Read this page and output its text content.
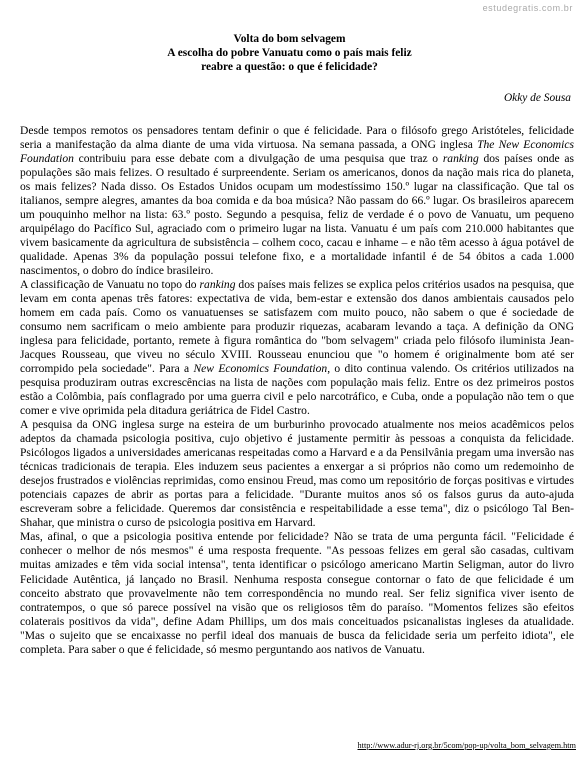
estudegratis.com.br
Volta do bom selvagem
A escolha do pobre Vanuatu como o país mais feliz
reabre a questão: o que é felicidade?
Okky de Sousa

Desde tempos remotos os pensadores tentam definir o que é felicidade. Para o filósofo grego Aristóteles, felicidade seria a manifestação da alma diante de uma vida virtuosa. Na semana passada, a ONG inglesa The New Economics Foundation contribuiu para esse debate com a divulgação de uma pesquisa que traz o ranking dos países onde as populações são mais felizes. O resultado é surpreendente. Seriam os americanos, donos da nação mais rica do planeta, os mais felizes? Nada disso. Os Estados Unidos ocupam um modestíssimo 150.º lugar na classificação. Que tal os italianos, sempre alegres, amantes da boa comida e da boa música? Não passam do 66.º lugar. Os brasileiros aparecem um pouquinho melhor na lista: 63.º posto. Segundo a pesquisa, feliz de verdade é o povo de Vanuatu, um pequeno arquipélago do Pacífico Sul, agraciado com o primeiro lugar na lista. Vanuatu é um país com 210.000 habitantes que vivem basicamente da agricultura de subsistência – colhem coco, cacau e inhame – e não têm acesso à água potável de qualidade. Apenas 3% da população possui telefone fixo, e a mortalidade infantil é de 54 óbitos a cada 1.000 nascimentos, o dobro do índice brasileiro.

A classificação de Vanuatu no topo do ranking dos países mais felizes se explica pelos critérios usados na pesquisa, que levam em conta apenas três fatores: expectativa de vida, bem-estar e extensão dos danos ambientais causados pelo homem em cada país. Como os vanuatuenses se satisfazem com muito pouco, não sabem o que é sociedade de consumo nem sacrificam o meio ambiente para produzir riquezas, acabaram levando a taça. A definição da ONG inglesa para felicidade, portanto, remete à figura romântica do "bom selvagem" criada pelo filósofo iluminista Jean-Jacques Rousseau, que viveu no século XVIII. Rousseau enunciou que "o homem é originalmente bom até ser corrompido pela sociedade". Para a New Economics Foundation, o dito continua valendo. Os critérios utilizados na pesquisa produziram outras excrescências na lista de nações com população mais feliz. Entre os dez primeiros postos estão a Colômbia, país conflagrado por uma guerra civil e pelo narcotráfico, e Cuba, onde a população não tem o que comer e vive oprimida pela ditadura geriátrica de Fidel Castro.

A pesquisa da ONG inglesa surge na esteira de um burburinho provocado atualmente nos meios acadêmicos pelos adeptos da chamada psicologia positiva, cujo objetivo é justamente permitir às pessoas a conquista da felicidade. Psicólogos ligados a universidades americanas respeitadas como a Harvard e a da Pensilvânia pregam uma inversão nas técnicas tradicionais de terapia. Eles induzem seus pacientes a enxergar a si próprios não como um redemoinho de desejos frustrados e violências reprimidas, como ensinou Freud, mas como um repositório de forças positivas e virtudes potenciais capazes de abrir as portas para a felicidade. "Durante muitos anos só os falsos gurus da auto-ajuda escreveram sobre a felicidade. Queremos dar consistência e respeitabilidade a esse tema", diz o psicólogo Tal Ben-Shahar, que ministra o curso de psicologia positiva em Harvard.

Mas, afinal, o que a psicologia positiva entende por felicidade? Não se trata de uma pergunta fácil. "Felicidade é conhecer o melhor de nós mesmos" é uma resposta frequente. "As pessoas felizes em geral são casadas, cultivam muitas amizades e têm vida social intensa", tenta identificar o psicólogo americano Martin Seligman, autor do livro Felicidade Autêntica, já lançado no Brasil. Nenhuma resposta consegue contornar o fato de que felicidade é um conceito abstrato que provavelmente não tem correspondência no mundo real. Ser feliz significa viver isento de contratempos, o que só parece possível na visão que os religiosos têm do paraíso. "Momentos felizes são efeitos colaterais positivos da vida", define Adam Phillips, um dos mais conceituados psicanalistas ingleses da atualidade. "Mas o sujeito que se encaixasse no perfil ideal dos manuais de busca da felicidade seria um perfeito idiota", ele completa. Para saber o que é felicidade, só mesmo perguntando aos nativos de Vanuatu.

http://www.adur-rj.org.br/5com/pop-up/volta_bom_selvagem.htm
